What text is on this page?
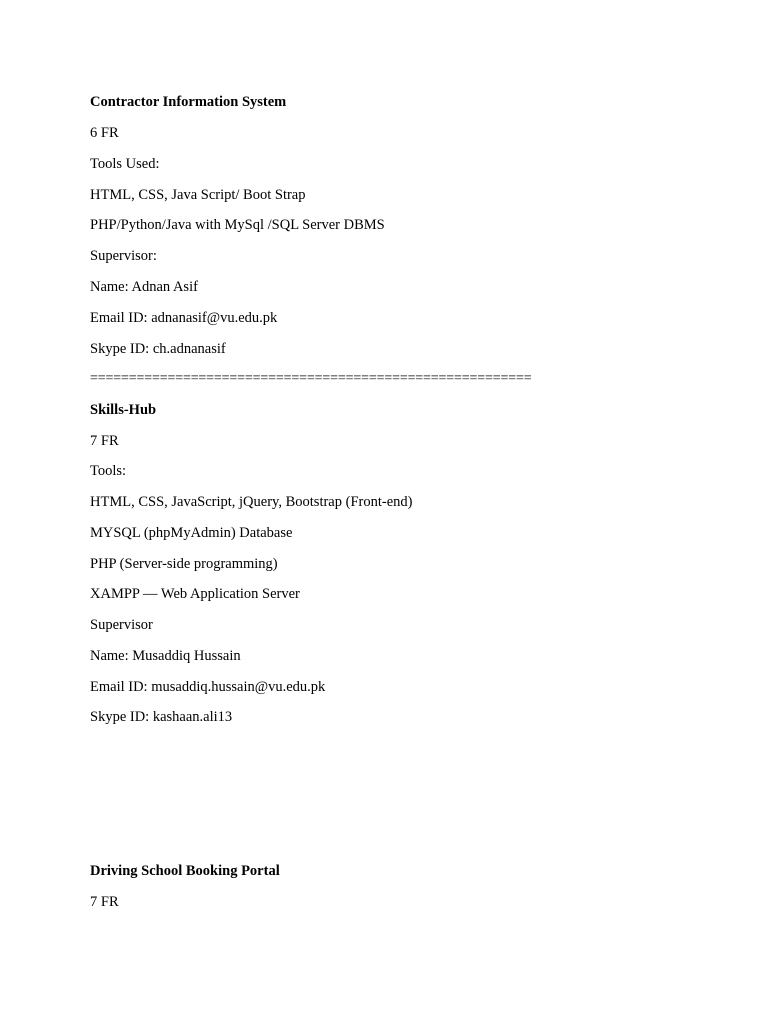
Contractor Information System
6 FR
Tools Used:
HTML, CSS, Java Script/ Boot Strap
PHP/Python/Java with MySql /SQL Server DBMS
Supervisor:
Name: Adnan Asif
Email ID: adnanasif@vu.edu.pk
Skype ID: ch.adnanasif
=========================================================
Skills-Hub
7 FR
Tools:
HTML, CSS, JavaScript, jQuery, Bootstrap (Front-end)
MYSQL (phpMyAdmin) Database
PHP (Server-side programming)
XAMPP — Web Application Server
Supervisor
Name: Musaddiq Hussain
Email ID: musaddiq.hussain@vu.edu.pk
Skype ID: kashaan.ali13
Driving School Booking Portal
7 FR
